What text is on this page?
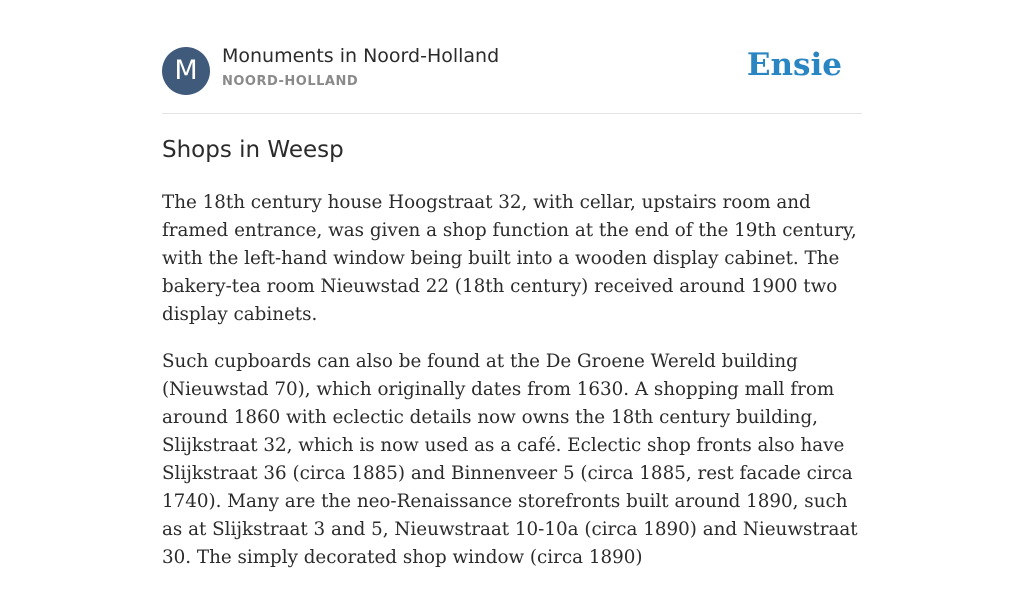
M	Monuments in Noord-Holland
NOORD-HOLLAND	Ensie
Shops in Weesp

The 18th century house Hoogstraat 32, with cellar, upstairs room and framed entrance, was given a shop function at the end of the 19th century, with the left-hand window being built into a wooden display cabinet. The bakery-tea room Nieuwstad 22 (18th century) received around 1900 two display cabinets.

Such cupboards can also be found at the De Groene Wereld building (Nieuwstad 70), which originally dates from 1630. A shopping mall from around 1860 with eclectic details now owns the 18th century building, Slijkstraat 32, which is now used as a café. Eclectic shop fronts also have Slijkstraat 36 (circa 1885) and Binnenveer 5 (circa 1885, rest facade circa 1740). Many are the neo-Renaissance storefronts built around 1890, such as at Slijkstraat 3 and 5, Nieuwstraat 10-10a (circa 1890) and Nieuwstraat 30. The simply decorated shop window (circa 1890)
